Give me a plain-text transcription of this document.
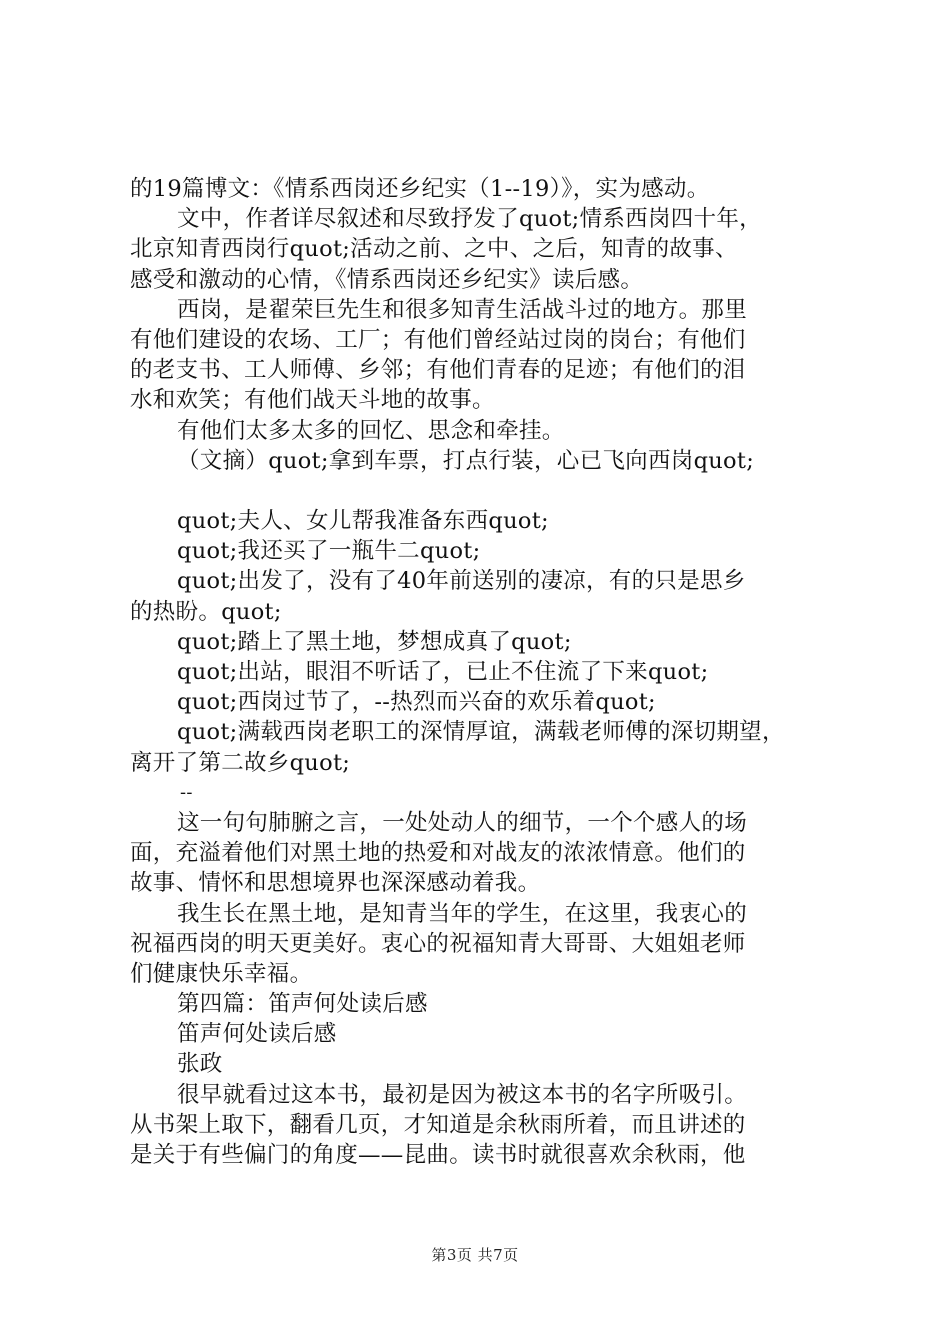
的19篇博文：《情系西岗还乡纪实（1--19）》，实为感动。
文中，作者详尽叙述和尽致抒发了quot;情系西岗四十年，
北京知青西岗行quot;活动之前、之中、之后，知青的故事、
感受和激动的心情，《情系西岗还乡纪实》读后感。
西岗，是翟荣巨先生和很多知青生活战斗过的地方。那里
有他们建设的农场、工厂；有他们曾经站过岗的岗台；有他们
的老支书、工人师傅、乡邻；有他们青春的足迹；有他们的泪
水和欢笑；有他们战天斗地的故事。
有他们太多太多的回忆、思念和牵挂。
（文摘）quot;拿到车票，打点行装，心已飞向西岗quot;
quot;夫人、女儿帮我准备东西quot;
quot;我还买了一瓶牛二quot;
quot;出发了，没有了40年前送别的凄凉，有的只是思乡
的热盼。quot;
quot;踏上了黑土地，梦想成真了quot;
quot;出站，眼泪不听话了，已止不住流了下来quot;
quot;西岗过节了，--热烈而兴奋的欢乐着quot;
quot;满载西岗老职工的深情厚谊，满载老师傅的深切期望，
离开了第二故乡quot;
--
这一句句肺腑之言，一处处动人的细节，一个个感人的场
面，充溢着他们对黑土地的热爱和对战友的浓浓情意。他们的
故事、情怀和思想境界也深深感动着我。
我生长在黑土地，是知青当年的学生，在这里，我衷心的
祝福西岗的明天更美好。衷心的祝福知青大哥哥、大姐姐老师
们健康快乐幸福。
第四篇：笛声何处读后感
笛声何处读后感
张政
很早就看过这本书，最初是因为被这本书的名字所吸引。
从书架上取下，翻看几页，才知道是余秋雨所着，而且讲述的
是关于有些偏门的角度——昆曲。读书时就很喜欢余秋雨，他
第3页 共7页
